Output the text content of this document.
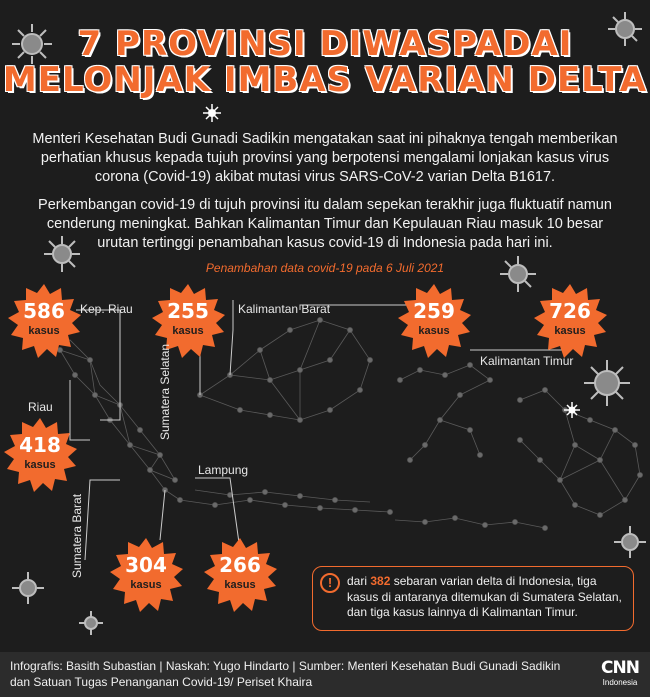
7 PROVINSI DIWASPADAI
MELONJAK IMBAS VARIAN DELTA
Menteri Kesehatan Budi Gunadi Sadikin mengatakan saat ini pihaknya tengah memberikan perhatian khusus kepada tujuh provinsi yang berpotensi mengalami lonjakan kasus virus corona (Covid-19) akibat mutasi virus SARS-CoV-2 varian Delta B1617.
Perkembangan covid-19 di tujuh provinsi itu dalam sepekan terakhir juga fluktuatif namun cenderung meningkat. Bahkan Kalimantan Timur dan Kepulauan Riau masuk 10 besar urutan tertinggi penambahan kasus covid-19 di Indonesia pada hari ini.
Penambahan data covid-19 pada 6 Juli 2021
586
kasus
Kep. Riau	255
kasus
Sumatera Selatan
259
kasus
Kalimantan Barat	726
kasus
Kalimantan Timur
418
kasus
Riau
304
kasus
Sumatera Barat	266
kasus
Lampung
!	dari 382 sebaran varian delta di Indonesia, tiga kasus di antaranya ditemukan di Sumatera Selatan, dan tiga kasus lainnya di Kalimantan Timur.
Infografis: Basith Subastian | Naskah: Yugo Hindarto | Sumber: Menteri Kesehatan Budi Gunadi Sadikin dan Satuan Tugas Penanganan Covid-19/ Periset Khaira
CNN
Indonesia
